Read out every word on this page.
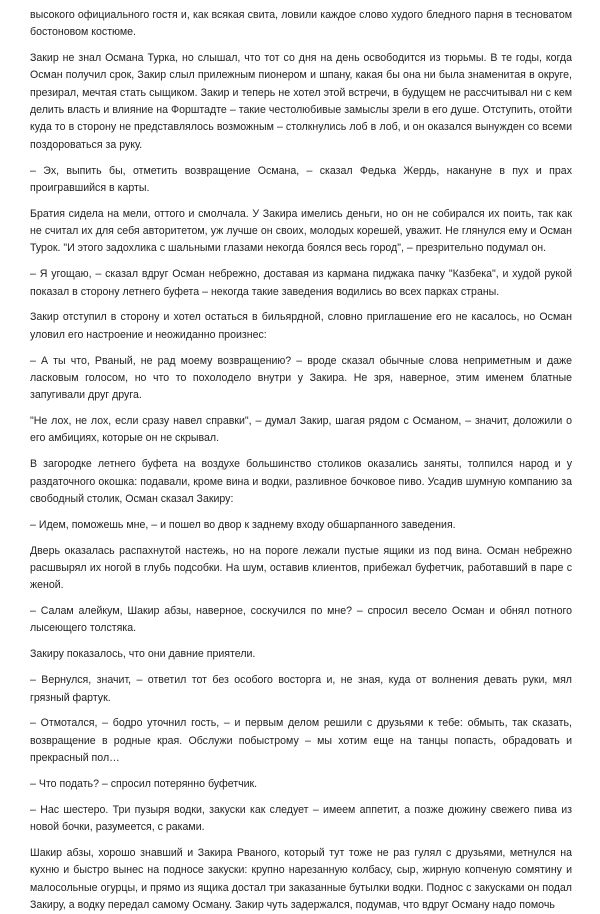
высокого официального гостя и, как всякая свита, ловили каждое слово худого бледного парня в тесноватом бостоновом костюме.

Закир не знал Османа Турка, но слышал, что тот со дня на день освободится из тюрьмы. В те годы, когда Осман получил срок, Закир слыл прилежным пионером и шпану, какая бы она ни была знаменитая в округе, презирал, мечтая стать сыщиком. Закир и теперь не хотел этой встречи, в будущем не рассчитывал ни с кем делить власть и влияние на Форштадте – такие честолюбивые замыслы зрели в его душе. Отступить, отойти куда то в сторону не представлялось возможным – столкнулись лоб в лоб, и он оказался вынужден со всеми поздороваться за руку.

– Эх, выпить бы, отметить возвращение Османа, – сказал Федька Жердь, накануне в пух и прах проигравшийся в карты.

Братия сидела на мели, оттого и смолчала. У Закира имелись деньги, но он не собирался их поить, так как не считал их для себя авторитетом, уж лучше он своих, молодых корешей, уважит. Не глянулся ему и Осман Турок. "И этого задохлика с шальными глазами некогда боялся весь город", – презрительно подумал он.

– Я угощаю, – сказал вдруг Осман небрежно, доставая из кармана пиджака пачку "Казбека", и худой рукой показал в сторону летнего буфета – некогда такие заведения водились во всех парках страны.

Закир отступил в сторону и хотел остаться в бильярдной, словно приглашение его не касалось, но Осман уловил его настроение и неожиданно произнес:

– А ты что, Рваный, не рад моему возвращению? – вроде сказал обычные слова неприметным и даже ласковым голосом, но что то похолодело внутри у Закира. Не зря, наверное, этим именем блатные запугивали друг друга.

"Не лох, не лох, если сразу навел справки", – думал Закир, шагая рядом с Османом, – значит, доложили о его амбициях, которые он не скрывал.

В загородке летнего буфета на воздухе большинство столиков оказались заняты, толпился народ и у раздаточного окошка: подавали, кроме вина и водки, разливное бочковое пиво. Усадив шумную компанию за свободный столик, Осман сказал Закиру:

– Идем, поможешь мне, – и пошел во двор к заднему входу обшарпанного заведения.

Дверь оказалась распахнутой настежь, но на пороге лежали пустые ящики из под вина. Осман небрежно расшвырял их ногой в глубь подсобки. На шум, оставив клиентов, прибежал буфетчик, работавший в паре с женой.

– Салам алейкум, Шакир абзы, наверное, соскучился по мне? – спросил весело Осман и обнял потного лысеющего толстяка.

Закиру показалось, что они давние приятели.

– Вернулся, значит, – ответил тот без особого восторга и, не зная, куда от волнения девать руки, мял грязный фартук.

– Отмотался, – бодро уточнил гость, – и первым делом решили с друзьями к тебе: обмыть, так сказать, возвращение в родные края. Обслужи побыстрому – мы хотим еще на танцы попасть, обрадовать и прекрасный пол…

– Что подать? – спросил потерянно буфетчик.

– Нас шестеро. Три пузыря водки, закуски как следует – имеем аппетит, а позже дюжину свежего пива из новой бочки, разумеется, с раками.

Шакир абзы, хорошо знавший и Закира Рваного, который тут тоже не раз гулял с друзьями, метнулся на кухню и быстро вынес на подносе закуски: крупно нарезанную колбасу, сыр, жирную копченую сомятину и малосольные огурцы, и прямо из ящика достал три заказанные бутылки водки. Поднос с закусками он подал Закиру, а водку передал самому Осману. Закир чуть задержался, подумав, что вдруг Осману надо помочь
